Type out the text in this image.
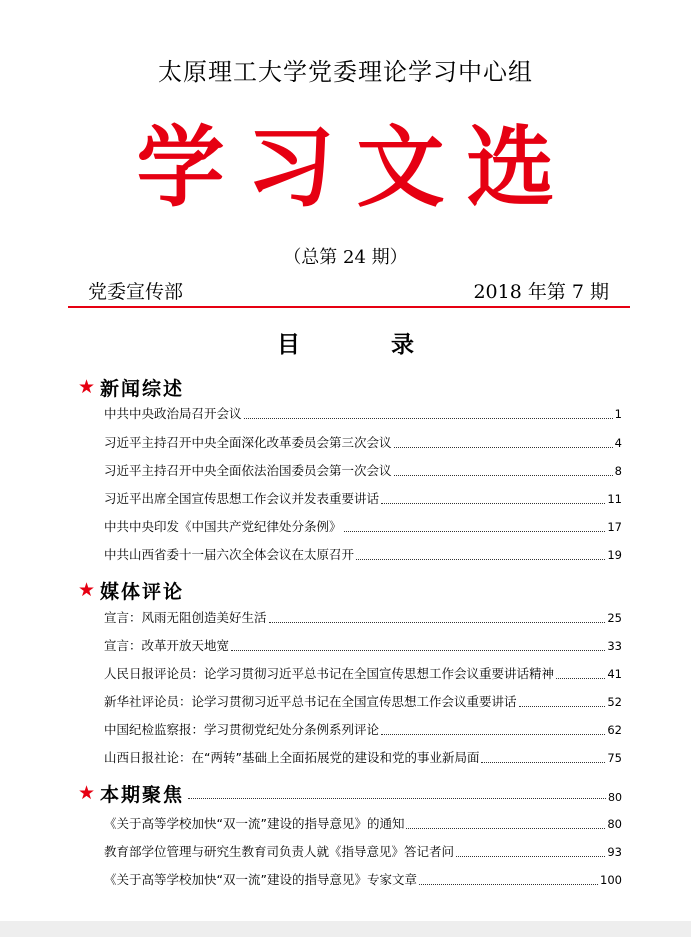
太原理工大学党委理论学习中心组
学习文选
（总第 24 期）
党委宣传部	2018 年第 7 期
目　录
★ 新闻综述
中共中央政治局召开会议	1
习近平主持召开中央全面深化改革委员会第三次会议	4
习近平主持召开中央全面依法治国委员会第一次会议	8
习近平出席全国宣传思想工作会议并发表重要讲话	11
中共中央印发《中国共产党纪律处分条例》	17
中共山西省委十一届六次全体会议在太原召开	19
★ 媒体评论
宣言：风雨无阻创造美好生活	25
宣言：改革开放天地宽	33
人民日报评论员：论学习贯彻习近平总书记在全国宣传思想工作会议重要讲话精神	41
新华社评论员：论学习贯彻习近平总书记在全国宣传思想工作会议重要讲话	52
中国纪检监察报：学习贯彻党纪处分条例系列评论	62
山西日报社论：在“两转”基础上全面拓展党的建设和党的事业新局面	75
★ 本期聚焦	80
《关于高等学校加快“双一流”建设的指导意见》的通知	80
教育部学位管理与研究生教育司负责人就《指导意见》答记者问	93
《关于高等学校加快“双一流”建设的指导意见》专家文章	100
